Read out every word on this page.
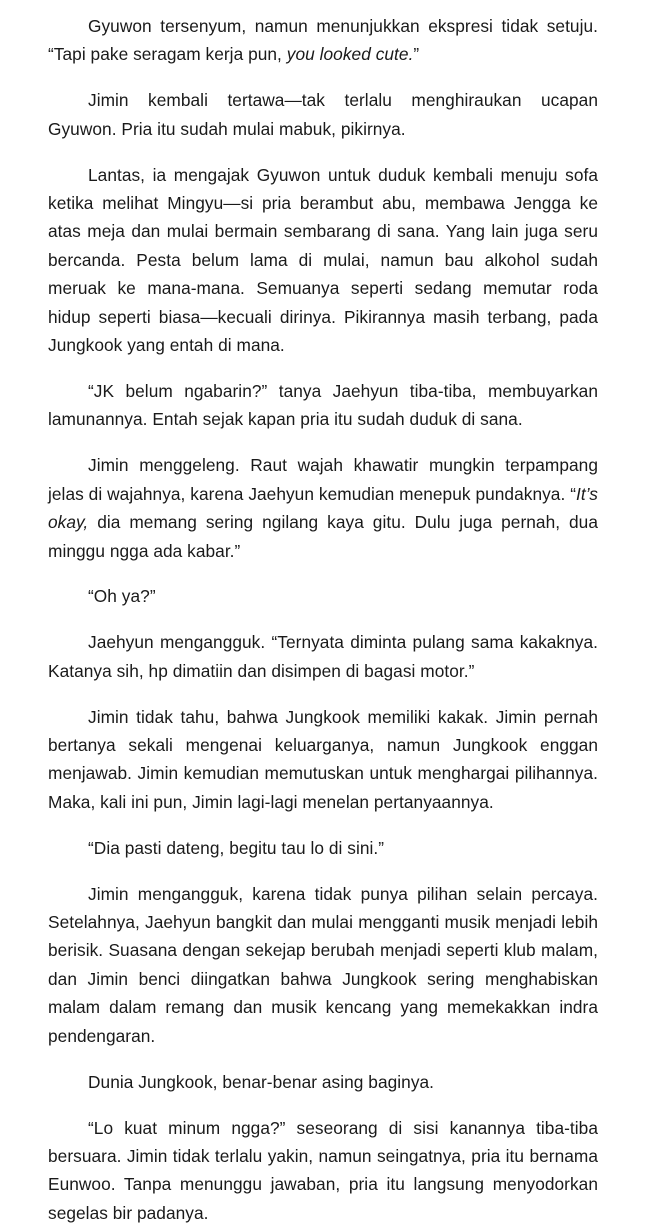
Gyuwon tersenyum, namun menunjukkan ekspresi tidak setuju. “Tapi pake seragam kerja pun, you looked cute.”

Jimin kembali tertawa—tak terlalu menghiraukan ucapan Gyuwon. Pria itu sudah mulai mabuk, pikirnya.

Lantas, ia mengajak Gyuwon untuk duduk kembali menuju sofa ketika melihat Mingyu—si pria berambut abu, membawa Jengga ke atas meja dan mulai bermain sembarang di sana. Yang lain juga seru bercanda. Pesta belum lama di mulai, namun bau alkohol sudah meruak ke mana-mana. Semuanya seperti sedang memutar roda hidup seperti biasa—kecuali dirinya. Pikirannya masih terbang, pada Jungkook yang entah di mana.

“JK belum ngabarin?” tanya Jaehyun tiba-tiba, membuyarkan lamunannya. Entah sejak kapan pria itu sudah duduk di sana.

Jimin menggeleng. Raut wajah khawatir mungkin terpampang jelas di wajahnya, karena Jaehyun kemudian menepuk pundaknya. “It’s okay, dia memang sering ngilang kaya gitu. Dulu juga pernah, dua minggu ngga ada kabar.”

“Oh ya?”

Jaehyun mengangguk. “Ternyata diminta pulang sama kakaknya. Katanya sih, hp dimatiin dan disimpen di bagasi motor.”

Jimin tidak tahu, bahwa Jungkook memiliki kakak. Jimin pernah bertanya sekali mengenai keluarganya, namun Jungkook enggan menjawab. Jimin kemudian memutuskan untuk menghargai pilihannya. Maka, kali ini pun, Jimin lagi-lagi menelan pertanyaannya.

“Dia pasti dateng, begitu tau lo di sini.”

Jimin mengangguk, karena tidak punya pilihan selain percaya. Setelahnya, Jaehyun bangkit dan mulai mengganti musik menjadi lebih berisik. Suasana dengan sekejap berubah menjadi seperti klub malam, dan Jimin benci diingatkan bahwa Jungkook sering menghabiskan malam dalam remang dan musik kencang yang memekakkan indra pendengaran.

Dunia Jungkook, benar-benar asing baginya.

“Lo kuat minum ngga?” seseorang di sisi kanannya tiba-tiba bersuara. Jimin tidak terlalu yakin, namun seingatnya, pria itu bernama Eunwoo. Tanpa menunggu jawaban, pria itu langsung menyodorkan segelas bir padanya.
